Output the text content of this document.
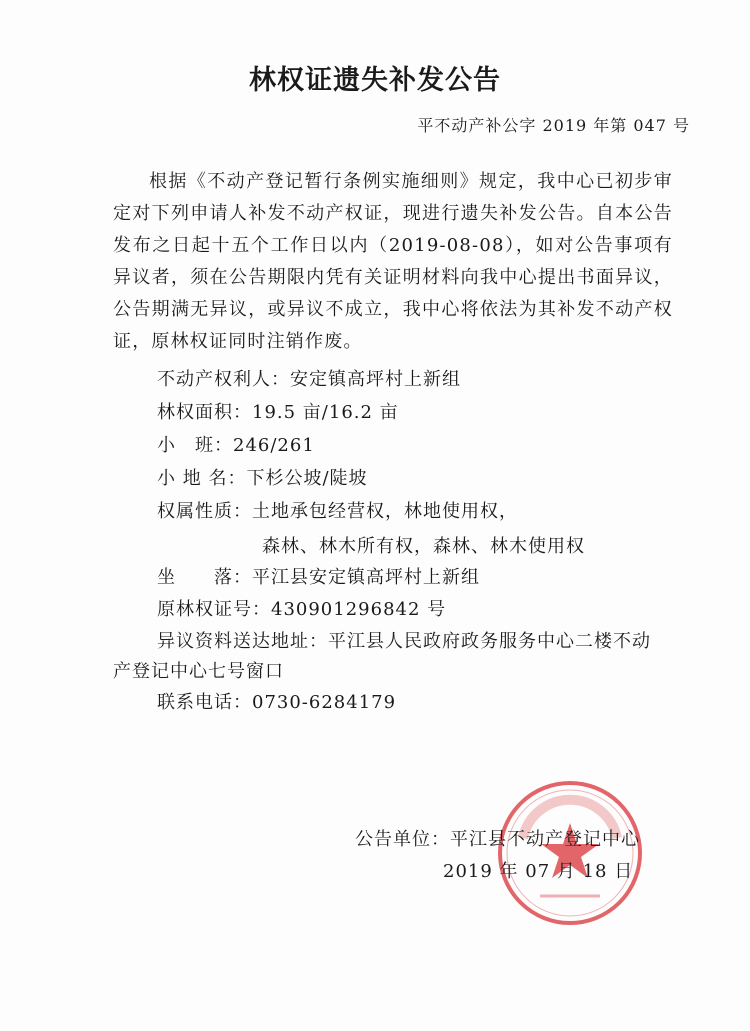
林权证遗失补发公告
平不动产补公字 2019 年第 047 号

根据《不动产登记暂行条例实施细则》规定，我中心已初步审定对下列申请人补发不动产权证，现进行遗失补发公告。自本公告发布之日起十五个工作日以内（2019-08-08），如对公告事项有异议者，须在公告期限内凭有关证明材料向我中心提出书面异议，公告期满无异议，或异议不成立，我中心将依法为其补发不动产权证，原林权证同时注销作废。

不动产权利人：安定镇高坪村上新组
林权面积：19.5 亩/16.2 亩
小　班：246/261
小 地 名：下杉公坡/陡坡
权属性质：土地承包经营权，林地使用权，
森林、林木所有权，森林、林木使用权
坐　　落：平江县安定镇高坪村上新组
原林权证号：430901296842 号
异议资料送达地址：平江县人民政府政务服务中心二楼不动
产登记中心七号窗口
联系电话：0730-6284179
公告单位：平江县不动产登记中心
2019 年 07 月 18 日
